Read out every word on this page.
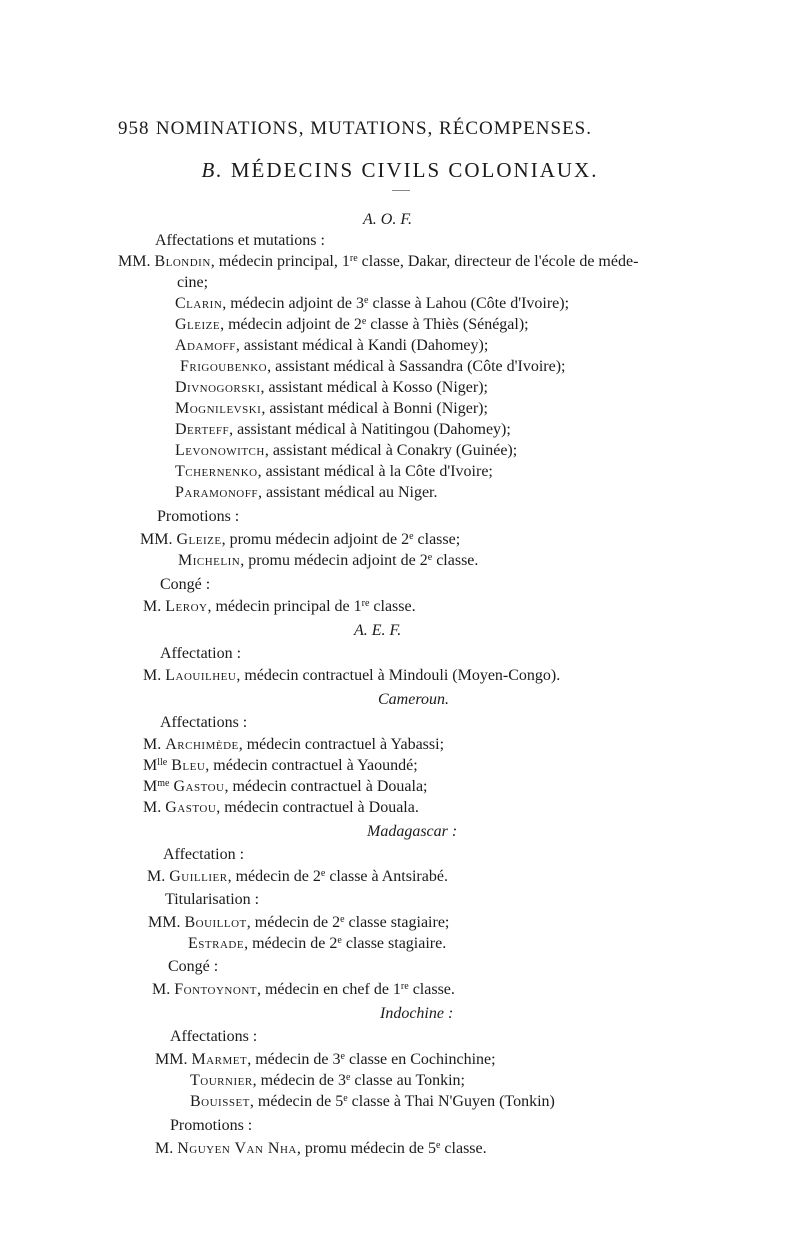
958 NOMINATIONS, MUTATIONS, RÉCOMPENSES.
B. MÉDECINS CIVILS COLONIAUX.
A. O. F.
Affectations et mutations :
MM. Blondin, médecin principal, 1re classe, Dakar, directeur de l'école de méde-
cine;
Clarin, médecin adjoint de 3e classe à Lahou (Côte d'Ivoire);
Gleize, médecin adjoint de 2e classe à Thiès (Sénégal);
Adamoff, assistant médical à Kandi (Dahomey);
Frigoubenko, assistant médical à Sassandra (Côte d'Ivoire);
Divnogorski, assistant médical à Kosso (Niger);
Mognilevski, assistant médical à Bonni (Niger);
Derteff, assistant médical à Natitingou (Dahomey);
Levonowitch, assistant médical à Conakry (Guinée);
Tchernenko, assistant médical à la Côte d'Ivoire;
Paramonoff, assistant médical au Niger.
Promotions :
MM. Gleize, promu médecin adjoint de 2e classe;
Michelin, promu médecin adjoint de 2e classe.
Congé :
M. Leroy, médecin principal de 1re classe.
A. E. F.
Affectation :
M. Laouilheu, médecin contractuel à Mindouli (Moyen-Congo).
Cameroun.
Affectations :
M. Archimède, médecin contractuel à Yabassi;
$M^{lle}$ Bleu, médecin contractuel à Yaoundé;
$M^{me}$ Gastou, médecin contractuel à Douala;
M. Gastou, médecin contractuel à Douala.
Madagascar :
Affectation :
M. Guillier, médecin de 2e classe à Antsirabé.
Titularisation :
MM. Bouillot, médecin de 2e classe stagiaire;
Estrade, médecin de 2e classe stagiaire.
Congé :
M. Fontoynont, médecin en chef de 1re classe.
Indochine :
Affectations :
MM. Marmet, médecin de 3e classe en Cochinchine;
Tournier, médecin de 3e classe au Tonkin;
Bouisset, médecin de 5e classe à Thai N'Guyen (Tonkin)
Promotions :
M. Nguyen Van Nha, promu médecin de 5e classe.
